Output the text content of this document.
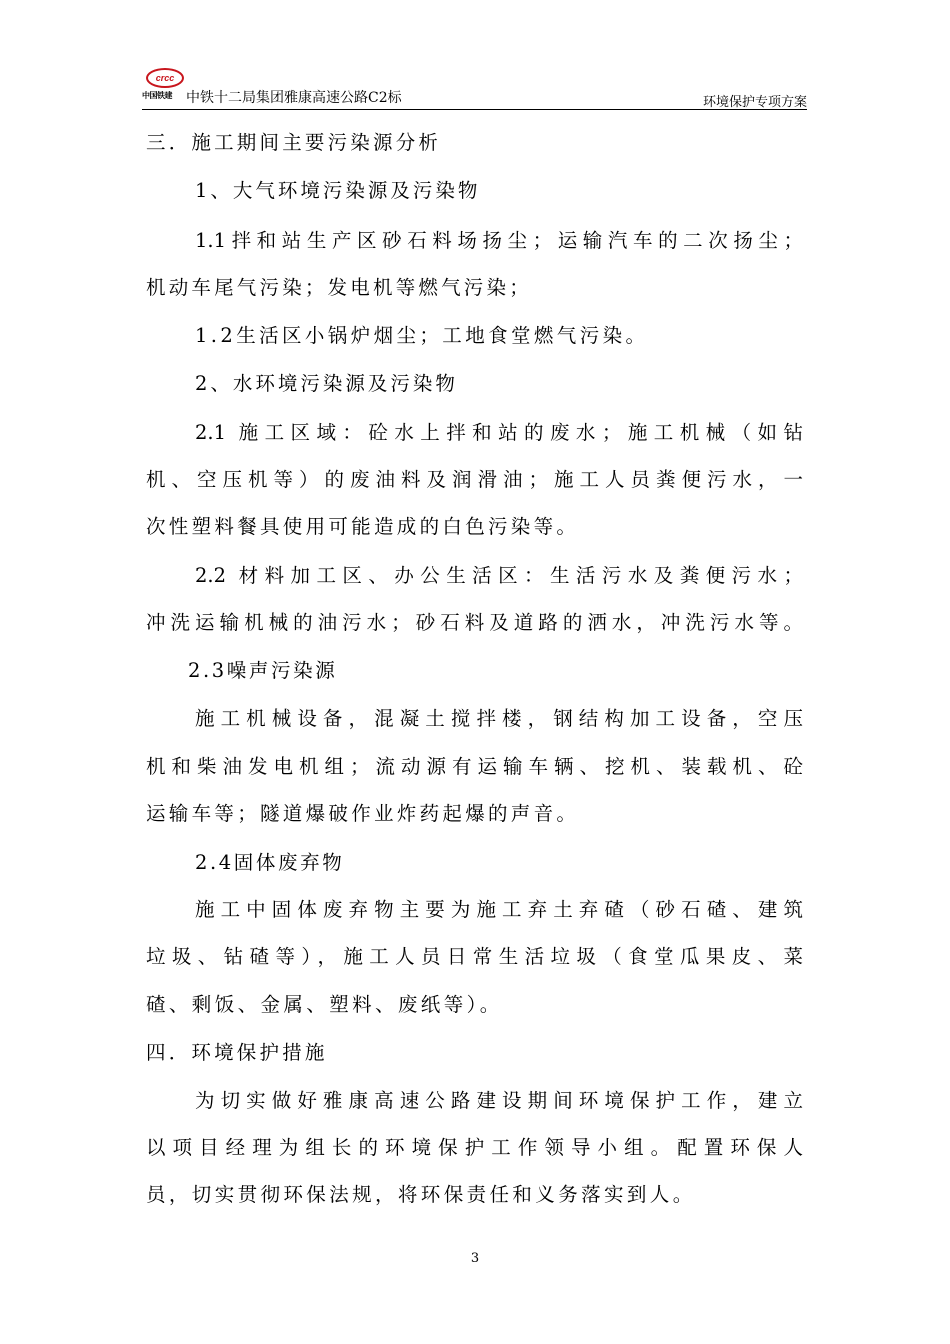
crcc
中国铁建	中铁十二局集团雅康高速公路C2标	环境保护专项方案
三．施工期间主要污染源分析
1、大气环境污染源及污染物
1.1拌和站生产区砂石料场扬尘；运输汽车的二次扬尘；
机动车尾气污染；发电机等燃气污染；
1.2生活区小锅炉烟尘；工地食堂燃气污染。
2、水环境污染源及污染物
2.1 施工区域：砼水上拌和站的废水；施工机械（如钻
机、空压机等）的废油料及润滑油；施工人员粪便污水，一
次性塑料餐具使用可能造成的白色污染等。
2.2 材料加工区、办公生活区：生活污水及粪便污水；
冲洗运输机械的油污水；砂石料及道路的洒水，冲洗污水等。
2.3噪声污染源
施工机械设备，混凝土搅拌楼，钢结构加工设备，空压
机和柴油发电机组；流动源有运输车辆、挖机、装载机、砼
运输车等；隧道爆破作业炸药起爆的声音。
2.4固体废弃物
施工中固体废弃物主要为施工弃土弃碴（砂石碴、建筑
垃圾、钻碴等），施工人员日常生活垃圾（食堂瓜果皮、菜
碴、剩饭、金属、塑料、废纸等）。
四．环境保护措施
为切实做好雅康高速公路建设期间环境保护工作，建立
以项目经理为组长的环境保护工作领导小组。配置环保人
员，切实贯彻环保法规，将环保责任和义务落实到人。
3
